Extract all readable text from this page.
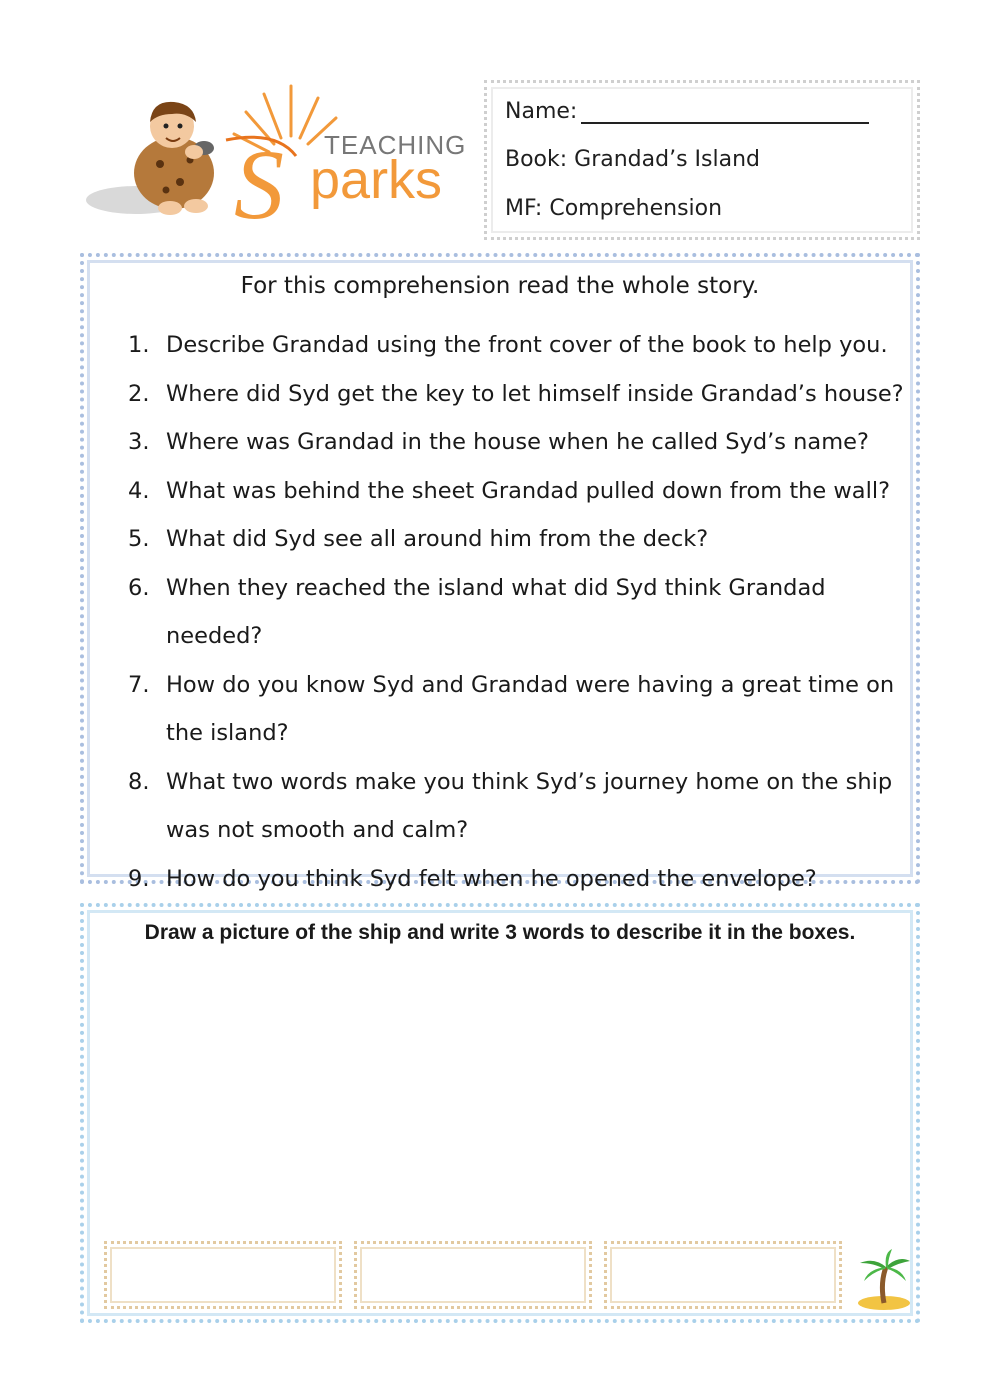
S TEACHING
parks
Name:
Book: Grandad’s Island
MF: Comprehension
For this comprehension read the whole story.
1. Describe Grandad using the front cover of the book to help you.
2. Where did Syd get the key to let himself inside Grandad’s house?
3. Where was Grandad in the house when he called Syd’s name?
4. What was behind the sheet Grandad pulled down from the wall?
5. What did Syd see all around him from the deck?
6. When they reached the island what did Syd think Grandad needed?
7. How do you know Syd and Grandad were having a great time on the island?
8. What two words make you think Syd’s journey home on the ship was not smooth and calm?
9. How do you think Syd felt when he opened the envelope?
Draw a picture of the ship and write 3 words to describe it in the boxes.
